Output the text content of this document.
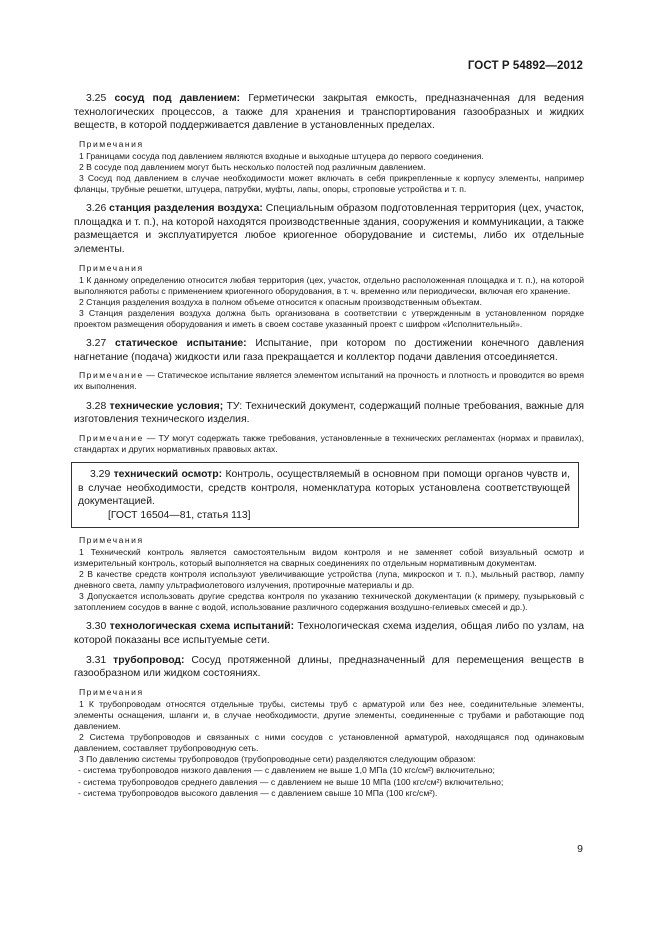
ГОСТ Р 54892—2012

3.25 сосуд под давлением: Герметически закрытая емкость, предназначенная для ведения технологических процессов, а также для хранения и транспортирования газообразных и жидких веществ, в которой поддерживается давление в установленных пределах.

Примечания

1 Границами сосуда под давлением являются входные и выходные штуцера до первого соединения.

2 В сосуде под давлением могут быть несколько полостей под различным давлением.

3 Сосуд под давлением в случае необходимости может включать в себя прикрепленные к корпусу элементы, например фланцы, трубные решетки, штуцера, патрубки, муфты, лапы, опоры, строповые устройства и т. п.

3.26 станция разделения воздуха: Специальным образом подготовленная территория (цех, участок, площадка и т. п.), на которой находятся производственные здания, сооружения и коммуникации, а также размещается и эксплуатируется любое криогенное оборудование и системы, либо их отдельные элементы.

Примечания

1 К данному определению относится любая территория (цех, участок, отдельно расположенная площадка и т. п.), на которой выполняются работы с применением криогенного оборудования, в т. ч. временно или периодически, включая его хранение.

2 Станция разделения воздуха в полном объеме относится к опасным производственным объектам.

3 Станция разделения воздуха должна быть организована в соответствии с утвержденным в установленном порядке проектом размещения оборудования и иметь в своем составе указанный проект с шифром «Исполнительный».

3.27 статическое испытание: Испытание, при котором по достижении конечного давления нагнетание (подача) жидкости или газа прекращается и коллектор подачи давления отсоединяется.

Примечание — Статическое испытание является элементом испытаний на прочность и плотность и проводится во время их выполнения.

3.28 технические условия; ТУ: Технический документ, содержащий полные требования, важные для изготовления технического изделия.

Примечание — ТУ могут содержать также требования, установленные в технических регламентах (нормах и правилах), стандартах и других нормативных правовых актах.

3.29 технический осмотр: Контроль, осуществляемый в основном при помощи органов чувств и, в случае необходимости, средств контроля, номенклатура которых установлена соответствующей документацией.

[ГОСТ 16504—81, статья 113]
Примечания

1 Технический контроль является самостоятельным видом контроля и не заменяет собой визуальный осмотр и измерительный контроль, который выполняется на сварных соединениях по отдельным нормативным документам.

2 В качестве средств контроля используют увеличивающие устройства (лупа, микроскоп и т. п.), мыльный раствор, лампу дневного света, лампу ультрафиолетового излучения, протирочные материалы и др.

3 Допускается использовать другие средства контроля по указанию технической документации (к примеру, пузырьковый с затоплением сосудов в ванне с водой, использование различного содержания воздушно-гелиевых смесей и др.).

3.30 технологическая схема испытаний: Технологическая схема изделия, общая либо по узлам, на которой показаны все испытуемые сети.

3.31 трубопровод: Сосуд протяженной длины, предназначенный для перемещения веществ в газообразном или жидком состояниях.

Примечания

1 К трубопроводам относятся отдельные трубы, системы труб с арматурой или без нее, соединительные элементы, элементы оснащения, шланги и, в случае необходимости, другие элементы, соединенные с трубами и работающие под давлением.

2 Система трубопроводов и связанных с ними сосудов с установленной арматурой, находящаяся под одинаковым давлением, составляет трубопроводную сеть.

3 По давлению системы трубопроводов (трубопроводные сети) разделяются следующим образом:

- система трубопроводов низкого давления — с давлением не выше 1,0 МПа (10 кгс/см²) включительно;

- система трубопроводов среднего давления — с давлением не выше 10 МПа (100 кгс/см²) включительно;

- система трубопроводов высокого давления — с давлением свыше 10 МПа (100 кгс/см²).

9
